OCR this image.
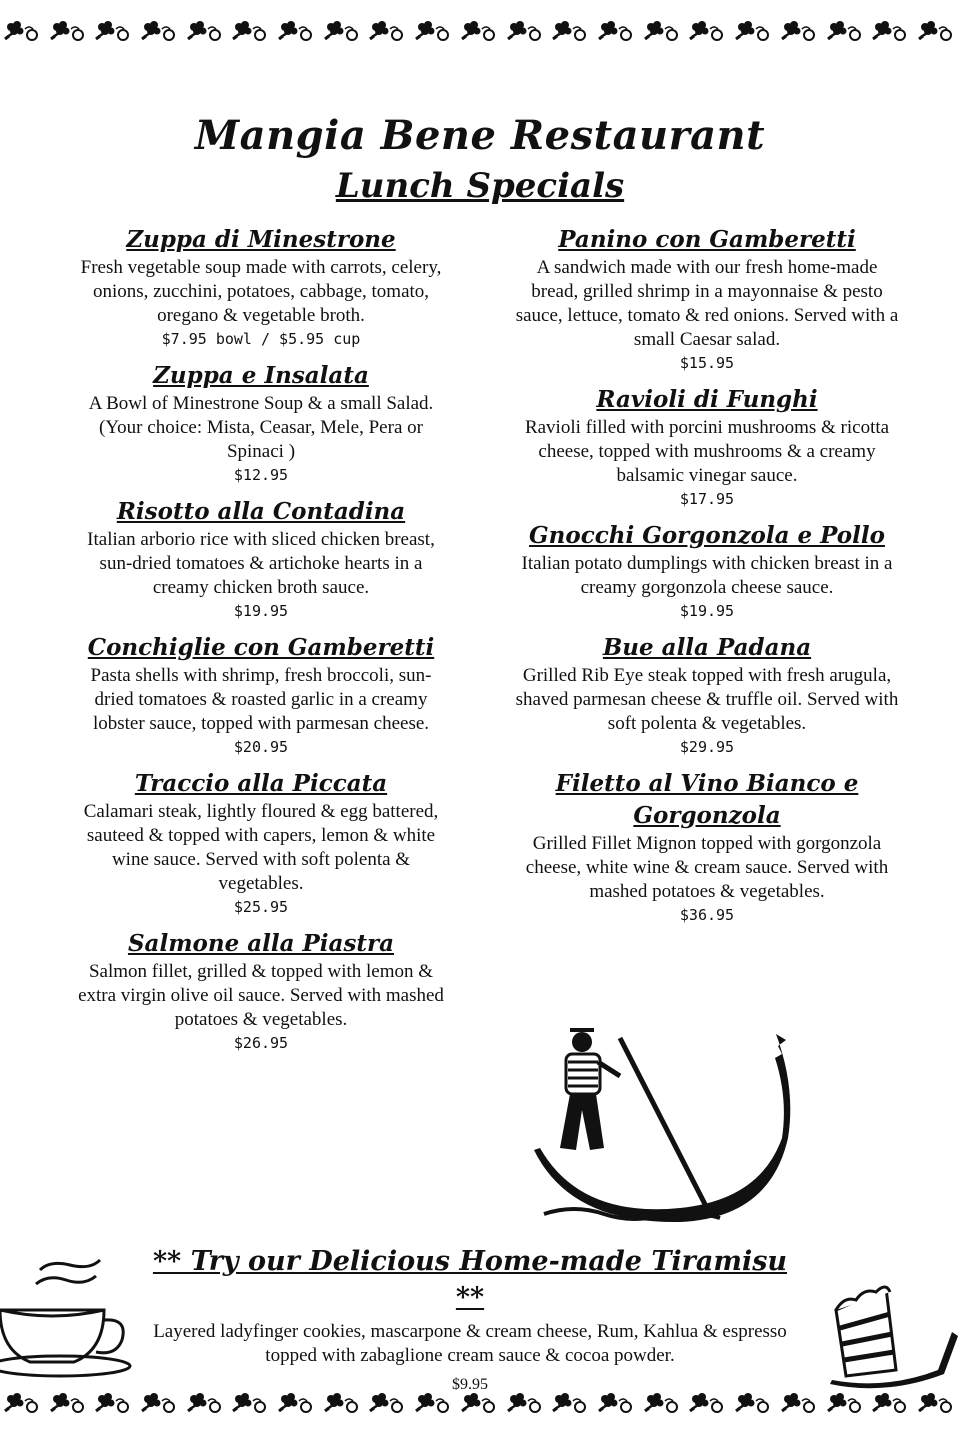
Mangia Bene Restaurant
Lunch Specials

Zuppa di Minestrone

Fresh vegetable soup made with carrots, celery, onions, zucchini, potatoes, cabbage, tomato, oregano & vegetable broth.

$7.95 bowl / $5.95 cup

Zuppa e Insalata

A Bowl of Minestrone Soup & a small Salad. (Your choice: Mista, Ceasar, Mele, Pera or Spinaci )

$12.95

Risotto alla Contadina

Italian arborio rice with sliced chicken breast, sun-dried tomatoes & artichoke hearts in a creamy chicken broth sauce.

$19.95

Conchiglie con Gamberetti

Pasta shells with shrimp, fresh broccoli, sun-dried tomatoes & roasted garlic in a creamy lobster sauce, topped with parmesan cheese.

$20.95

Traccio alla Piccata

Calamari steak, lightly floured & egg battered, sauteed & topped with capers, lemon & white wine sauce. Served with soft polenta & vegetables.

$25.95

Salmone alla Piastra

Salmon fillet, grilled & topped with lemon & extra virgin olive oil sauce. Served with mashed potatoes & vegetables.

$26.95

Panino con Gamberetti

A sandwich made with our fresh home-made bread, grilled shrimp in a mayonnaise & pesto sauce, lettuce, tomato & red onions. Served with a small Caesar salad.

$15.95

Ravioli di Funghi

Ravioli filled with porcini mushrooms & ricotta cheese, topped with mushrooms & a creamy balsamic vinegar sauce.

$17.95

Gnocchi Gorgonzola e Pollo

Italian potato dumplings with chicken breast in a creamy gorgonzola cheese sauce.

$19.95

Bue alla Padana

Grilled Rib Eye steak topped with fresh arugula, shaved parmesan cheese & truffle oil. Served with soft polenta & vegetables.

$29.95

Filetto al Vino Bianco e Gorgonzola

Grilled Fillet Mignon topped with gorgonzola cheese, white wine & cream sauce. Served with mashed potatoes & vegetables.

$36.95

** Try our Delicious Home-made Tiramisu **

Layered ladyfinger cookies, mascarpone & cream cheese, Rum, Kahlua & espresso topped with zabaglione cream sauce & cocoa powder.

$9.95
